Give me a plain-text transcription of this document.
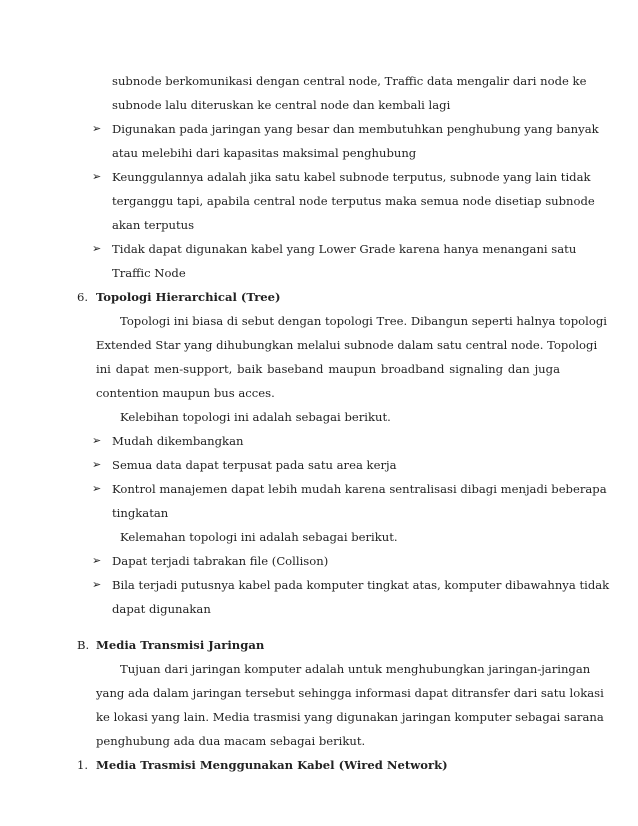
subnode berkomunikasi dengan central node, Traffic data mengalir dari node ke
subnode lalu diteruskan ke central node dan kembali lagi
➢ Digunakan pada jaringan yang besar dan membutuhkan penghubung yang banyak
atau melebihi dari kapasitas maksimal penghubung
➢ Keunggulannya adalah jika satu kabel subnode terputus, subnode yang lain tidak
terganggu tapi, apabila central node terputus maka semua node disetiap subnode
akan terputus
➢ Tidak dapat digunakan kabel yang Lower Grade karena hanya menangani satu
Traffic Node
6. Topologi Hierarchical (Tree)
Topologi ini biasa di sebut dengan topologi Tree. Dibangun seperti halnya topologi
Extended Star yang dihubungkan melalui subnode dalam satu central node. Topologi
ini dapat men-support, baik baseband maupun broadband signaling dan juga
contention maupun bus acces.
Kelebihan topologi ini adalah sebagai berikut.
➢ Mudah dikembangkan
➢ Semua data dapat terpusat pada satu area kerja
➢ Kontrol manajemen dapat lebih mudah karena sentralisasi dibagi menjadi beberapa
tingkatan
Kelemahan topologi ini adalah sebagai berikut.
➢ Dapat terjadi tabrakan file (Collison)
➢ Bila terjadi putusnya kabel pada komputer tingkat atas, komputer dibawahnya tidak
dapat digunakan
B. Media Transmisi Jaringan
Tujuan dari jaringan komputer adalah untuk menghubungkan jaringan-jaringan
yang ada dalam jaringan tersebut sehingga informasi dapat ditransfer dari satu lokasi
ke lokasi yang lain. Media trasmisi yang digunakan jaringan komputer sebagai sarana
penghubung ada dua macam sebagai berikut.
1. Media Trasmisi Menggunakan Kabel (Wired Network)
